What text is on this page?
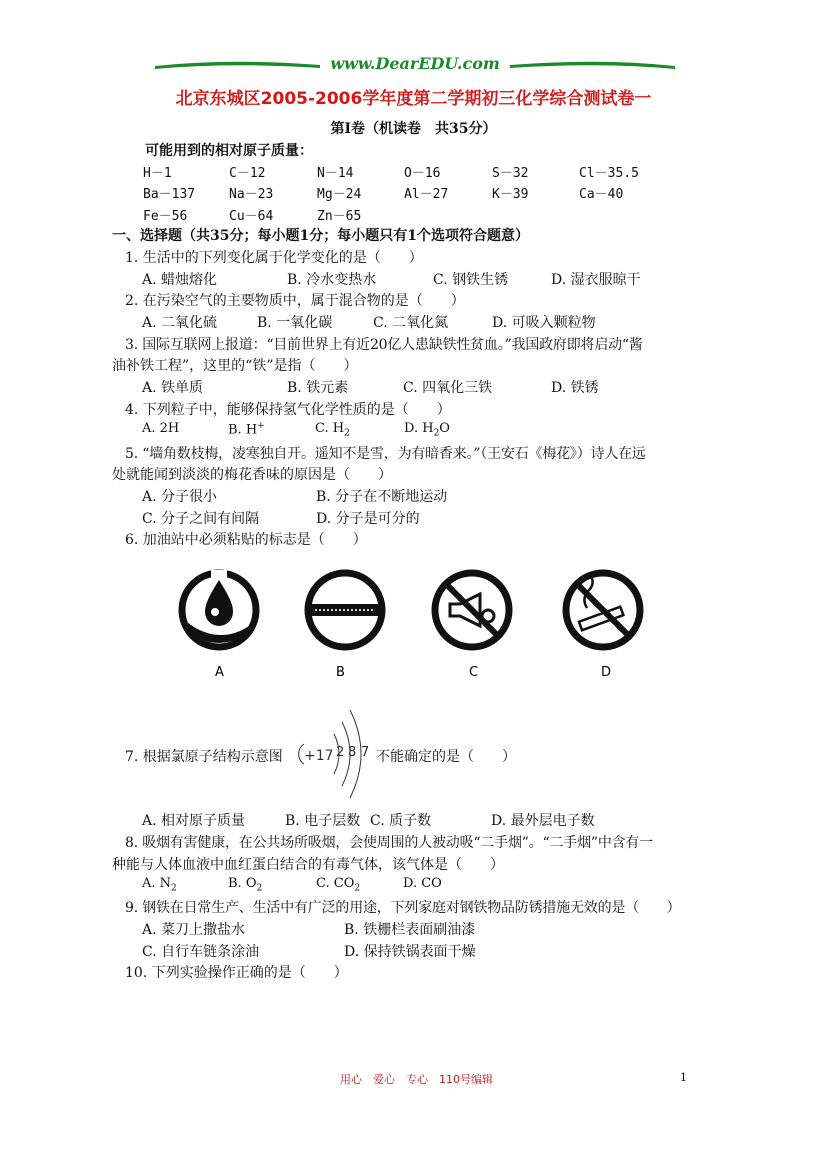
www.DearEDU.com
北京东城区2005-2006学年度第二学期初三化学综合测试卷一
第Ⅰ卷（机读卷　共35分）
可能用到的相对原子质量：
H－1	C－12	N－14	O－16	S－32	Cl－35.5
Ba－137	Na－23	Mg－24	Al－27	K－39	Ca－40
Fe－56	Cu－64	Zn－65
一、选择题（共35分；每小题1分；每小题只有1个选项符合题意）
1. 生活中的下列变化属于化学变化的是（　　）
A. 蜡烛熔化	B. 冷水变热水	C. 钢铁生锈	D. 湿衣服晾干
2. 在污染空气的主要物质中，属于混合物的是（　　）
A. 二氧化硫	B. 一氧化碳	C. 二氧化氮	D. 可吸入颗粒物
3. 国际互联网上报道：“目前世界上有近20亿人患缺铁性贫血。”我国政府即将启动“酱
油补铁工程”，这里的“铁”是指（　　）
A. 铁单质	B. 铁元素	C. 四氧化三铁	D. 铁锈
4. 下列粒子中，能够保持氢气化学性质的是（　　）
A. 2H	B. H+	C. $H_2$	D. $H_2O$
5. “墙角数枝梅，凌寒独自开。遥知不是雪，为有暗香来。”（王安石《梅花》）诗人在远
处就能闻到淡淡的梅花香味的原因是（　　）
A. 分子很小	B. 分子在不断地运动
C. 分子之间有间隔	D. 分子是可分的
6. 加油站中必须粘贴的标志是（　　）
A	B	C	D
7. 根据氯原子结构示意图 +17 2 8 7 不能确定的是（　　）
A. 相对原子质量	B. 电子层数 C. 质子数	D. 最外层电子数
8. 吸烟有害健康，在公共场所吸烟，会使周围的人被动吸“二手烟”。“二手烟”中含有一
种能与人体血液中血红蛋白结合的有毒气体，该气体是（　　）
A. $N_2$	B. $O_2$	C. $CO_2$	D. CO
9. 钢铁在日常生产、生活中有广泛的用途，下列家庭对钢铁物品防锈措施无效的是（　　）
A. 菜刀上撒盐水	B. 铁栅栏表面刷油漆
C. 自行车链条涂油	D. 保持铁锅表面干燥
10. 下列实验操作正确的是（　　）
用心　爱心　专心　110号编辑	1
